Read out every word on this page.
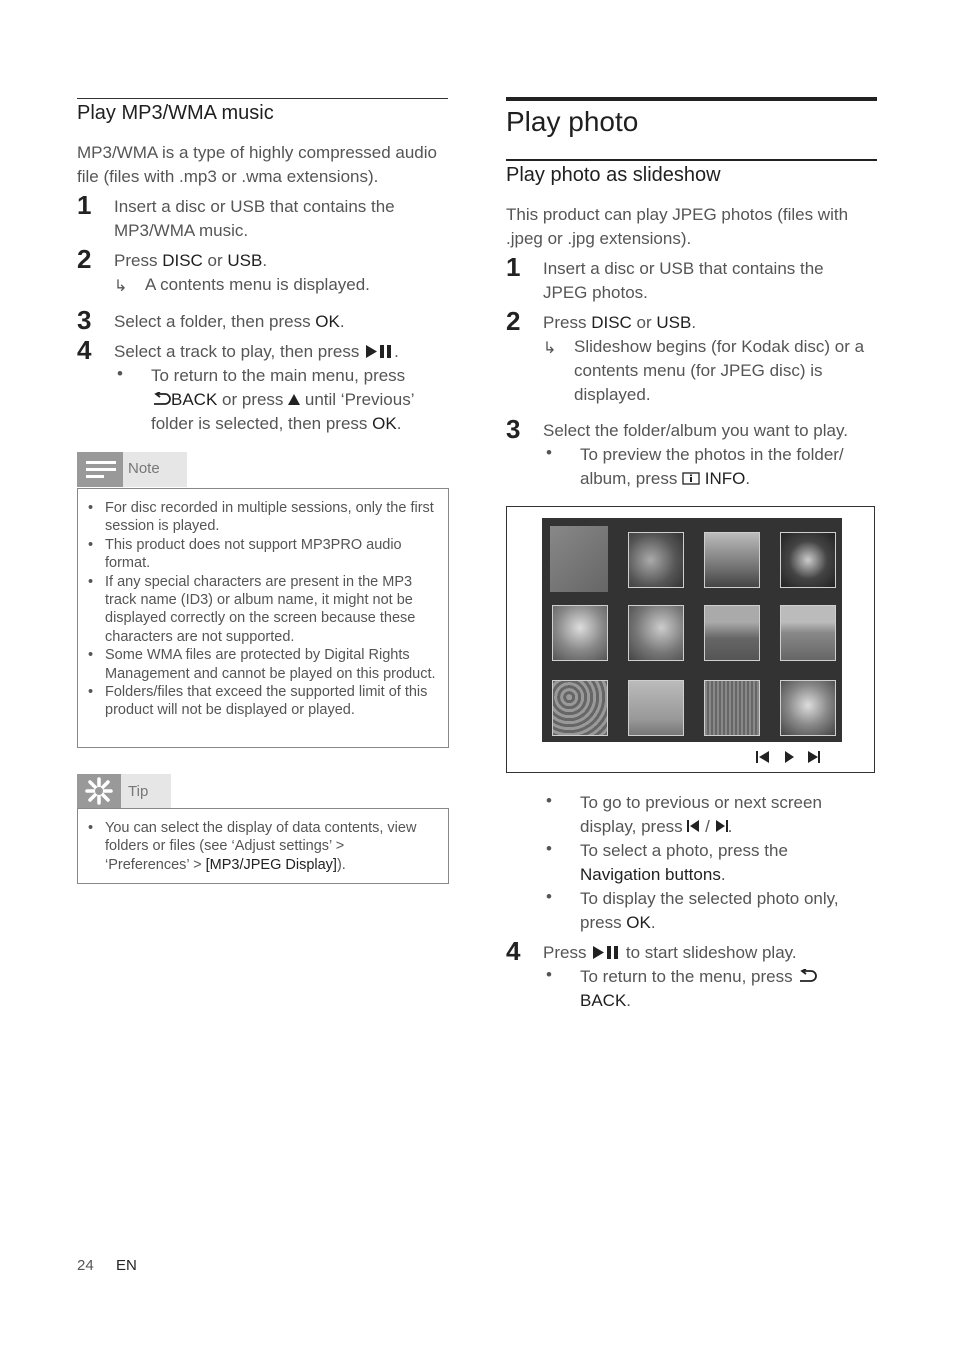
Play MP3/WMA music
MP3/WMA is a type of highly compressed audio file (files with .mp3 or .wma extensions).
1 Insert a disc or USB that contains the MP3/WMA music.
2 Press DISC or USB.
↳ A contents menu is displayed.
3 Select a folder, then press OK.
4 Select a track to play, then press .
• To return to the main menu, press
BACK or press  until ‘Previous’
folder is selected, then press OK.
Note
• For disc recorded in multiple sessions, only the first session is played.
• This product does not support MP3PRO audio format.
• If any special characters are present in the MP3 track name (ID3) or album name, it might not be displayed correctly on the screen because these characters are not supported.
• Some WMA files are protected by Digital Rights Management and cannot be played on this product.
• Folders/files that exceed the supported limit of this product will not be displayed or played.
Tip
• You can select the display of data contents, view folders or files (see ‘Adjust settings’ > ‘Preferences’ > [MP3/JPEG Display]).
Play photo
Play photo as slideshow
This product can play JPEG photos (files with .jpeg or .jpg extensions).
1 Insert a disc or USB that contains the JPEG photos.
2 Press DISC or USB.
↳ Slideshow begins (for Kodak disc) or a contents menu (for JPEG disc) is displayed.
3 Select the folder/album you want to play.
• To preview the photos in the folder/ album, press  INFO.
• To go to previous or next screen display, press  / .
• To select a photo, press the Navigation buttons.
• To display the selected photo only, press OK.
4 Press  to start slideshow play.
• To return to the menu, press
BACK.
24 EN
